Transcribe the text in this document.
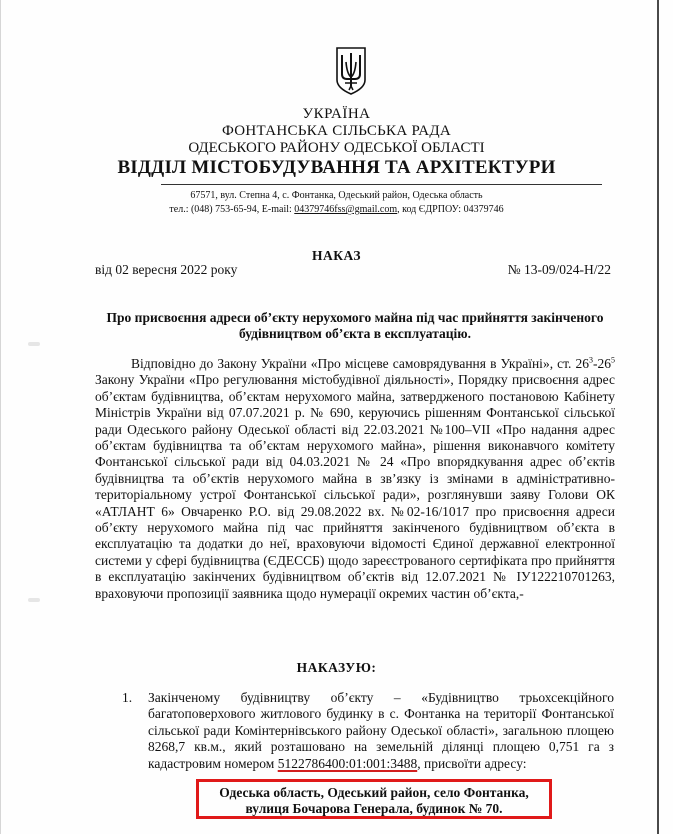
УКРАЇНА
ФОНТАНСЬКА СІЛЬСЬКА РАДА
ОДЕСЬКОГО РАЙОНУ ОДЕСЬКОЇ ОБЛАСТІ
ВІДДІЛ МІСТОБУДУВАННЯ ТА АРХІТЕКТУРИ
67571, вул. Степна 4, с. Фонтанка, Одеський район, Одеська область
тел.: (048) 753-65-94, E-mail: 04379746fss@gmail.com, код ЄДРПОУ: 04379746
НАКАЗ
від 02 вересня 2022 року	№ 13-09/024-Н/22
Про присвоєння адреси об’єкту нерухомого майна під час прийняття закінченого будівництвом об’єкта в експлуатацію.
Відповідно до Закону України «Про місцеве самоврядування в Україні», ст. $26^3-26^5$ Закону України «Про регулювання містобудівної діяльності», Порядку присвоєння адрес об’єктам будівництва, об’єктам нерухомого майна, затвердженого постановою Кабінету Міністрів України від 07.07.2021 р. № 690, керуючись рішенням Фонтанської сільської ради Одеського району Одеської області від 22.03.2021 №100–VII «Про надання адрес об’єктам будівництва та об’єктам нерухомого майна», рішення виконавчого комітету Фонтанської сільської ради від 04.03.2021 № 24 «Про впорядкування адрес об’єктів будівництва та об’єктів нерухомого майна в зв’язку із змінами в адміністративно-територіальному устрої Фонтанської сільської ради», розглянувши заяву Голови ОК «АТЛАНТ 6» Овчаренко Р.О. від 29.08.2022 вх. №02-16/1017 про присвоєння адреси об’єкту нерухомого майна під час прийняття закінченого будівництвом об’єкта в експлуатацію та додатки до неї, враховуючи відомості Єдиної державної електронної системи у сфері будівництва (ЄДЕССБ) щодо зареєстрованого сертифіката про прийняття в експлуатацію закінчених будівництвом об’єктів від 12.07.2021 № ІУ122210701263, враховуючи пропозиції заявника щодо нумерації окремих частин об’єкта,-
НАКАЗУЮ:
1. Закінченому будівництву об’єкту – «Будівництво трьохсекційного багатоповерхового житлового будинку в с. Фонтанка на території Фонтанської сільської ради Комінтернівського району Одеської області», загальною площею 8268,7 кв.м., який розташовано на земельній ділянці площею 0,751 га з кадастровим номером 5122786400:01:001:3488, присвоїти адресу:
Одеська область, Одеський район, село Фонтанка,
вулиця Бочарова Генерала, будинок № 70.
